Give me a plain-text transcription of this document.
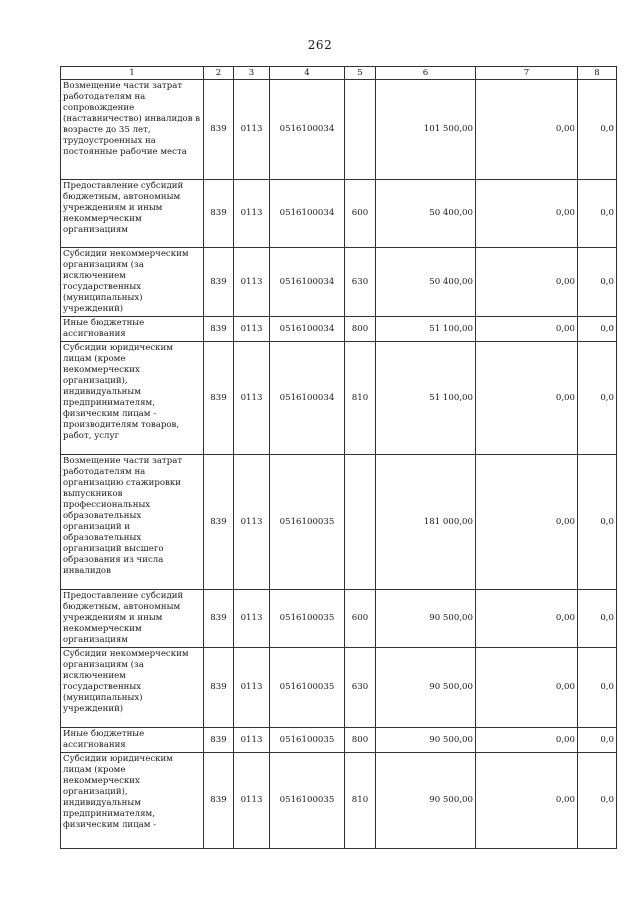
262
1	2	3	4	5	6	7	8
Возмещение части затрат работодателям на сопровождение (наставничество) инвалидов в возрасте до 35 лет, трудоустроенных на постоянные рабочие места	839	0113	0516100034		101 500,00	0,00	0,0
Предоставление субсидий бюджетным, автономным учреждениям и иным некоммерческим организациям	839	0113	0516100034	600	50 400,00	0,00	0,0
Субсидии некоммерческим организациям (за исключением государственных (муниципальных) учреждений)	839	0113	0516100034	630	50 400,00	0,00	0,0
Иные бюджетные ассигнования	839	0113	0516100034	800	51 100,00	0,00	0,0
Субсидии юридическим лицам (кроме некоммерческих организаций), индивидуальным предпринимателям, физическим лицам - производителям товаров, работ, услуг	839	0113	0516100034	810	51 100,00	0,00	0,0
Возмещение части затрат работодателям на организацию стажировки выпускников профессиональных образовательных организаций и образовательных организаций высшего образования из числа инвалидов	839	0113	0516100035		181 000,00	0,00	0,0
Предоставление субсидий бюджетным, автономным учреждениям и иным некоммерческим организациям	839	0113	0516100035	600	90 500,00	0,00	0,0
Субсидии некоммерческим организациям (за исключением государственных (муниципальных) учреждений)	839	0113	0516100035	630	90 500,00	0,00	0,0
Иные бюджетные ассигнования	839	0113	0516100035	800	90 500,00	0,00	0,0
Субсидии юридическим лицам (кроме некоммерческих организаций), индивидуальным предпринимателям, физическим лицам -	839	0113	0516100035	810	90 500,00	0,00	0,0
